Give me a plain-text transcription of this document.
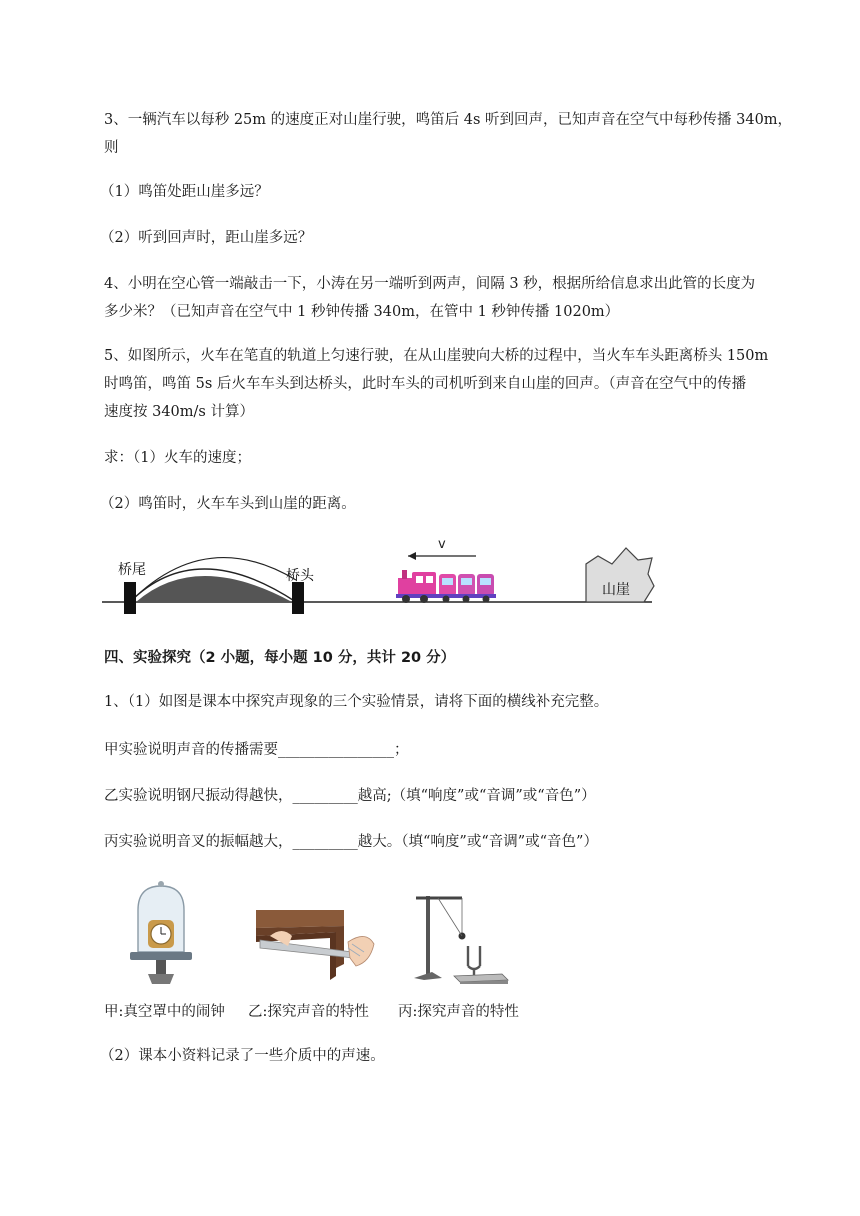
3、一辆汽车以每秒 25m 的速度正对山崖行驶，鸣笛后 4s 听到回声，已知声音在空气中每秒传播 340m，
则
（1）鸣笛处距山崖多远？
（2）听到回声时，距山崖多远？
4、小明在空心管一端敲击一下，小涛在另一端听到两声，间隔 3 秒，根据所给信息求出此管的长度为
多少米？（已知声音在空气中 1 秒钟传播 340m，在管中 1 秒钟传播 1020m）
5、如图所示，火车在笔直的轨道上匀速行驶，在从山崖驶向大桥的过程中，当火车车头距离桥头 150m
时鸣笛，鸣笛 5s 后火车车头到达桥头，此时车头的司机听到来自山崖的回声。（声音在空气中的传播
速度按 340m/s 计算）
求：（1）火车的速度；
（2）鸣笛时，火车车头到山崖的距离。
桥尾	桥头
v
山崖
四、实验探究（2 小题，每小题 10 分，共计 20 分）
1、（1）如图是课本中探究声现象的三个实验情景，请将下面的横线补充完整。
甲实验说明声音的传播需要________________；
乙实验说明钢尺振动得越快，_________越高;（填“响度”或“音调”或“音色”）
丙实验说明音叉的振幅越大，_________越大。（填“响度”或“音调”或“音色”）
甲:真空罩中的闹钟 乙:探究声音的特性 丙:探究声音的特性
（2）课本小资料记录了一些介质中的声速。
